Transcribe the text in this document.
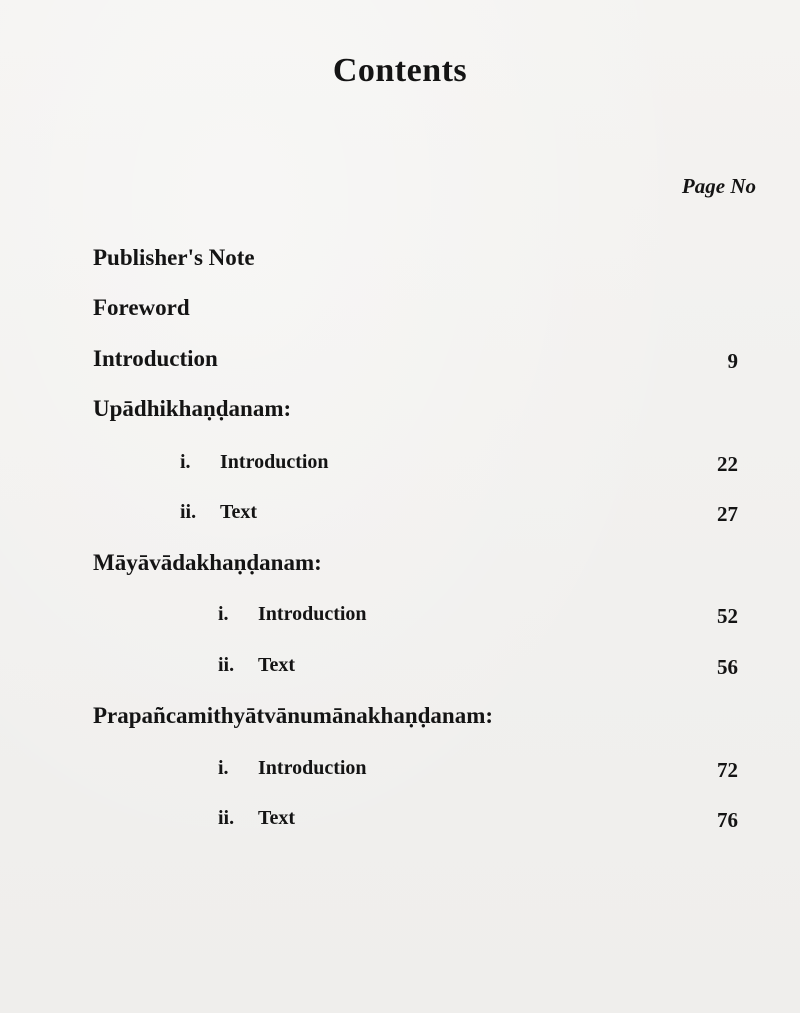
Contents
Page No
Publisher's Note
Foreword
Introduction	9
Upādhikhaṇḍanam:
i. Introduction	22
ii. Text	27
Māyāvādakhaṇḍanam:
i. Introduction	52
ii. Text	56
Prapañcamithyātvānumānakhaṇḍanam:
i. Introduction	72
ii. Text	76
